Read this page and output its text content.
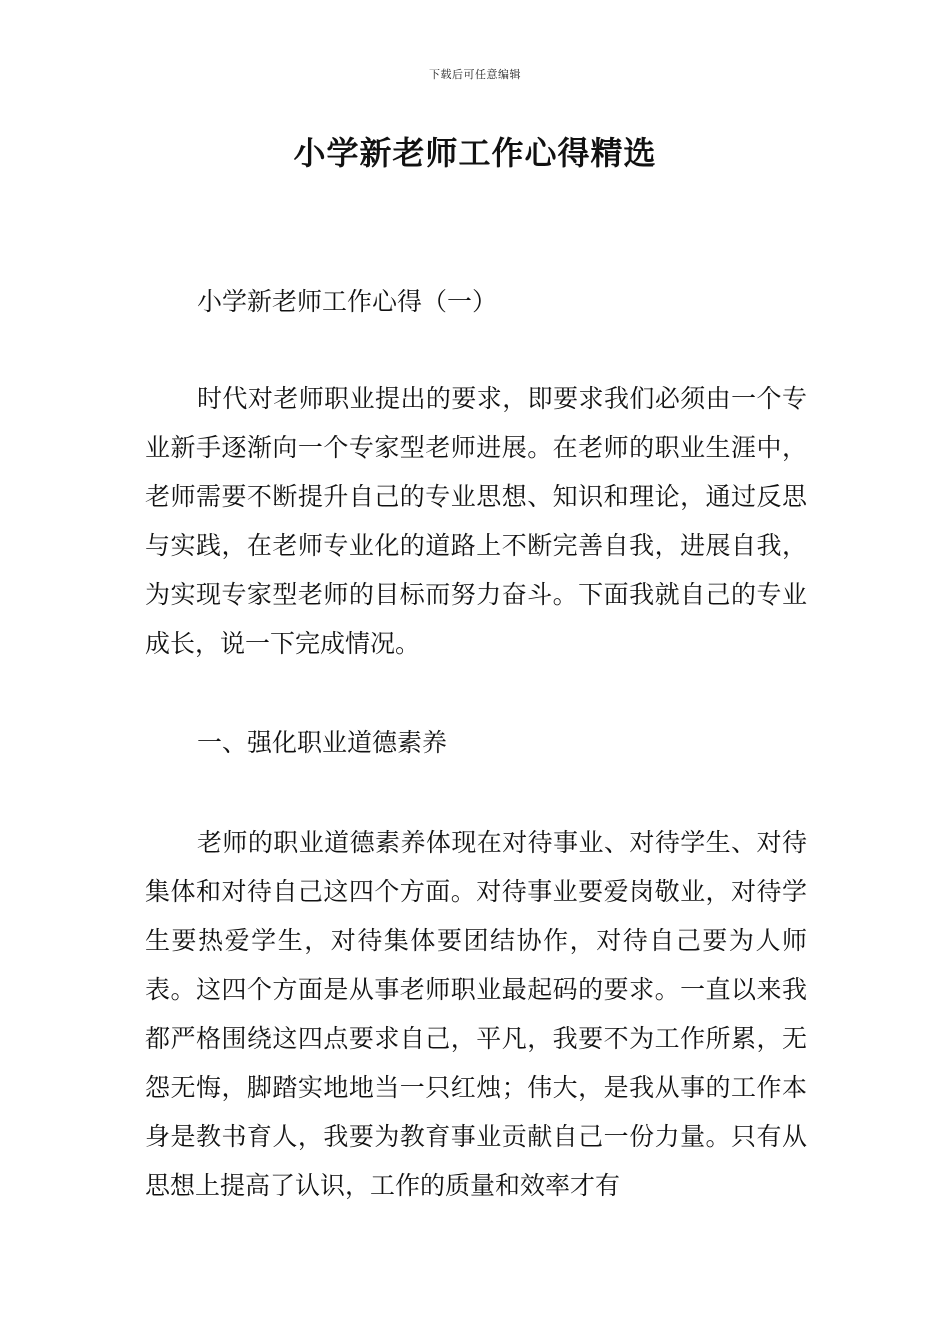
下载后可任意编辑
小学新老师工作心得精选

小学新老师工作心得（一）

时代对老师职业提出的要求，即要求我们必须由一个专业新手逐渐向一个专家型老师进展。在老师的职业生涯中，老师需要不断提升自己的专业思想、知识和理论，通过反思与实践，在老师专业化的道路上不断完善自我，进展自我，为实现专家型老师的目标而努力奋斗。下面我就自己的专业成长，说一下完成情况。

一、强化职业道德素养

老师的职业道德素养体现在对待事业、对待学生、对待集体和对待自己这四个方面。对待事业要爱岗敬业，对待学生要热爱学生，对待集体要团结协作，对待自己要为人师表。这四个方面是从事老师职业最起码的要求。一直以来我都严格围绕这四点要求自己，平凡，我要不为工作所累，无怨无悔，脚踏实地地当一只红烛；伟大，是我从事的工作本身是教书育人，我要为教育事业贡献自己一份力量。只有从思想上提高了认识，工作的质量和效率才有
